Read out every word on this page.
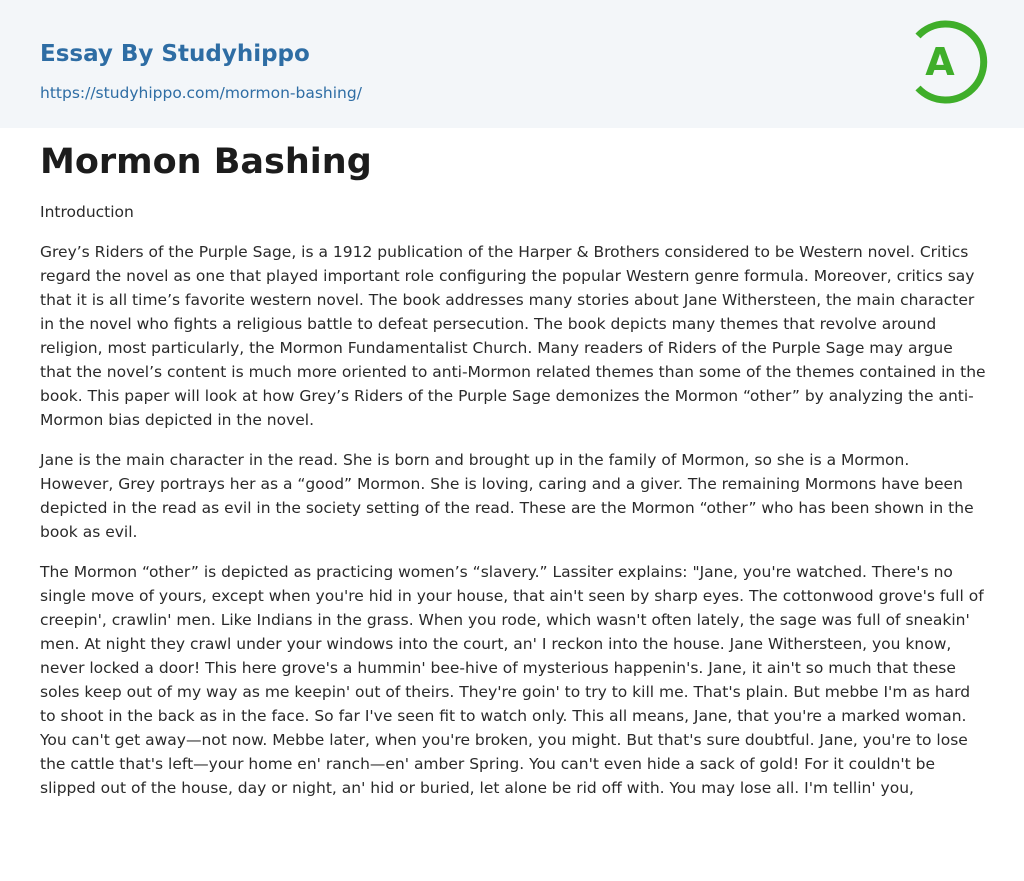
Essay By Studyhippo
https://studyhippo.com/mormon-bashing/
A
Mormon Bashing

Introduction

Grey’s Riders of the Purple Sage, is a 1912 publication of the Harper & Brothers considered to be Western novel. Critics regard the novel as one that played important role configuring the popular Western genre formula. Moreover, critics say that it is all time’s favorite western novel. The book addresses many stories about Jane Withersteen, the main character in the novel who fights a religious battle to defeat persecution. The book depicts many themes that revolve around religion, most particularly, the Mormon Fundamentalist Church. Many readers of Riders of the Purple Sage may argue that the novel’s content is much more oriented to anti-Mormon related themes than some of the themes contained in the book. This paper will look at how Grey’s Riders of the Purple Sage demonizes the Mormon “other” by analyzing the anti-Mormon bias depicted in the novel.

Jane is the main character in the read. She is born and brought up in the family of Mormon, so she is a Mormon. However, Grey portrays her as a “good” Mormon. She is loving, caring and a giver. The remaining Mormons have been depicted in the read as evil in the society setting of the read. These are the Mormon “other” who has been shown in the book as evil.

The Mormon “other” is depicted as practicing women’s “slavery.” Lassiter explains: "Jane, you're watched. There's no single move of yours, except when you're hid in your house, that ain't seen by sharp eyes. The cottonwood grove's full of creepin', crawlin' men. Like Indians in the grass. When you rode, which wasn't often lately, the sage was full of sneakin' men. At night they crawl under your windows into the court, an' I reckon into the house. Jane Withersteen, you know, never locked a door! This here grove's a hummin' bee-hive of mysterious happenin's. Jane, it ain't so much that these soles keep out of my way as me keepin' out of theirs. They're goin' to try to kill me. That's plain. But mebbe I'm as hard to shoot in the back as in the face. So far I've seen fit to watch only. This all means, Jane, that you're a marked woman. You can't get away—not now. Mebbe later, when you're broken, you might. But that's sure doubtful. Jane, you're to lose the cattle that's left—your home en' ranch—en' amber Spring. You can't even hide a sack of gold! For it couldn't be slipped out of the house, day or night, an' hid or buried, let alone be rid off with. You may lose all. I'm tellin' you,
